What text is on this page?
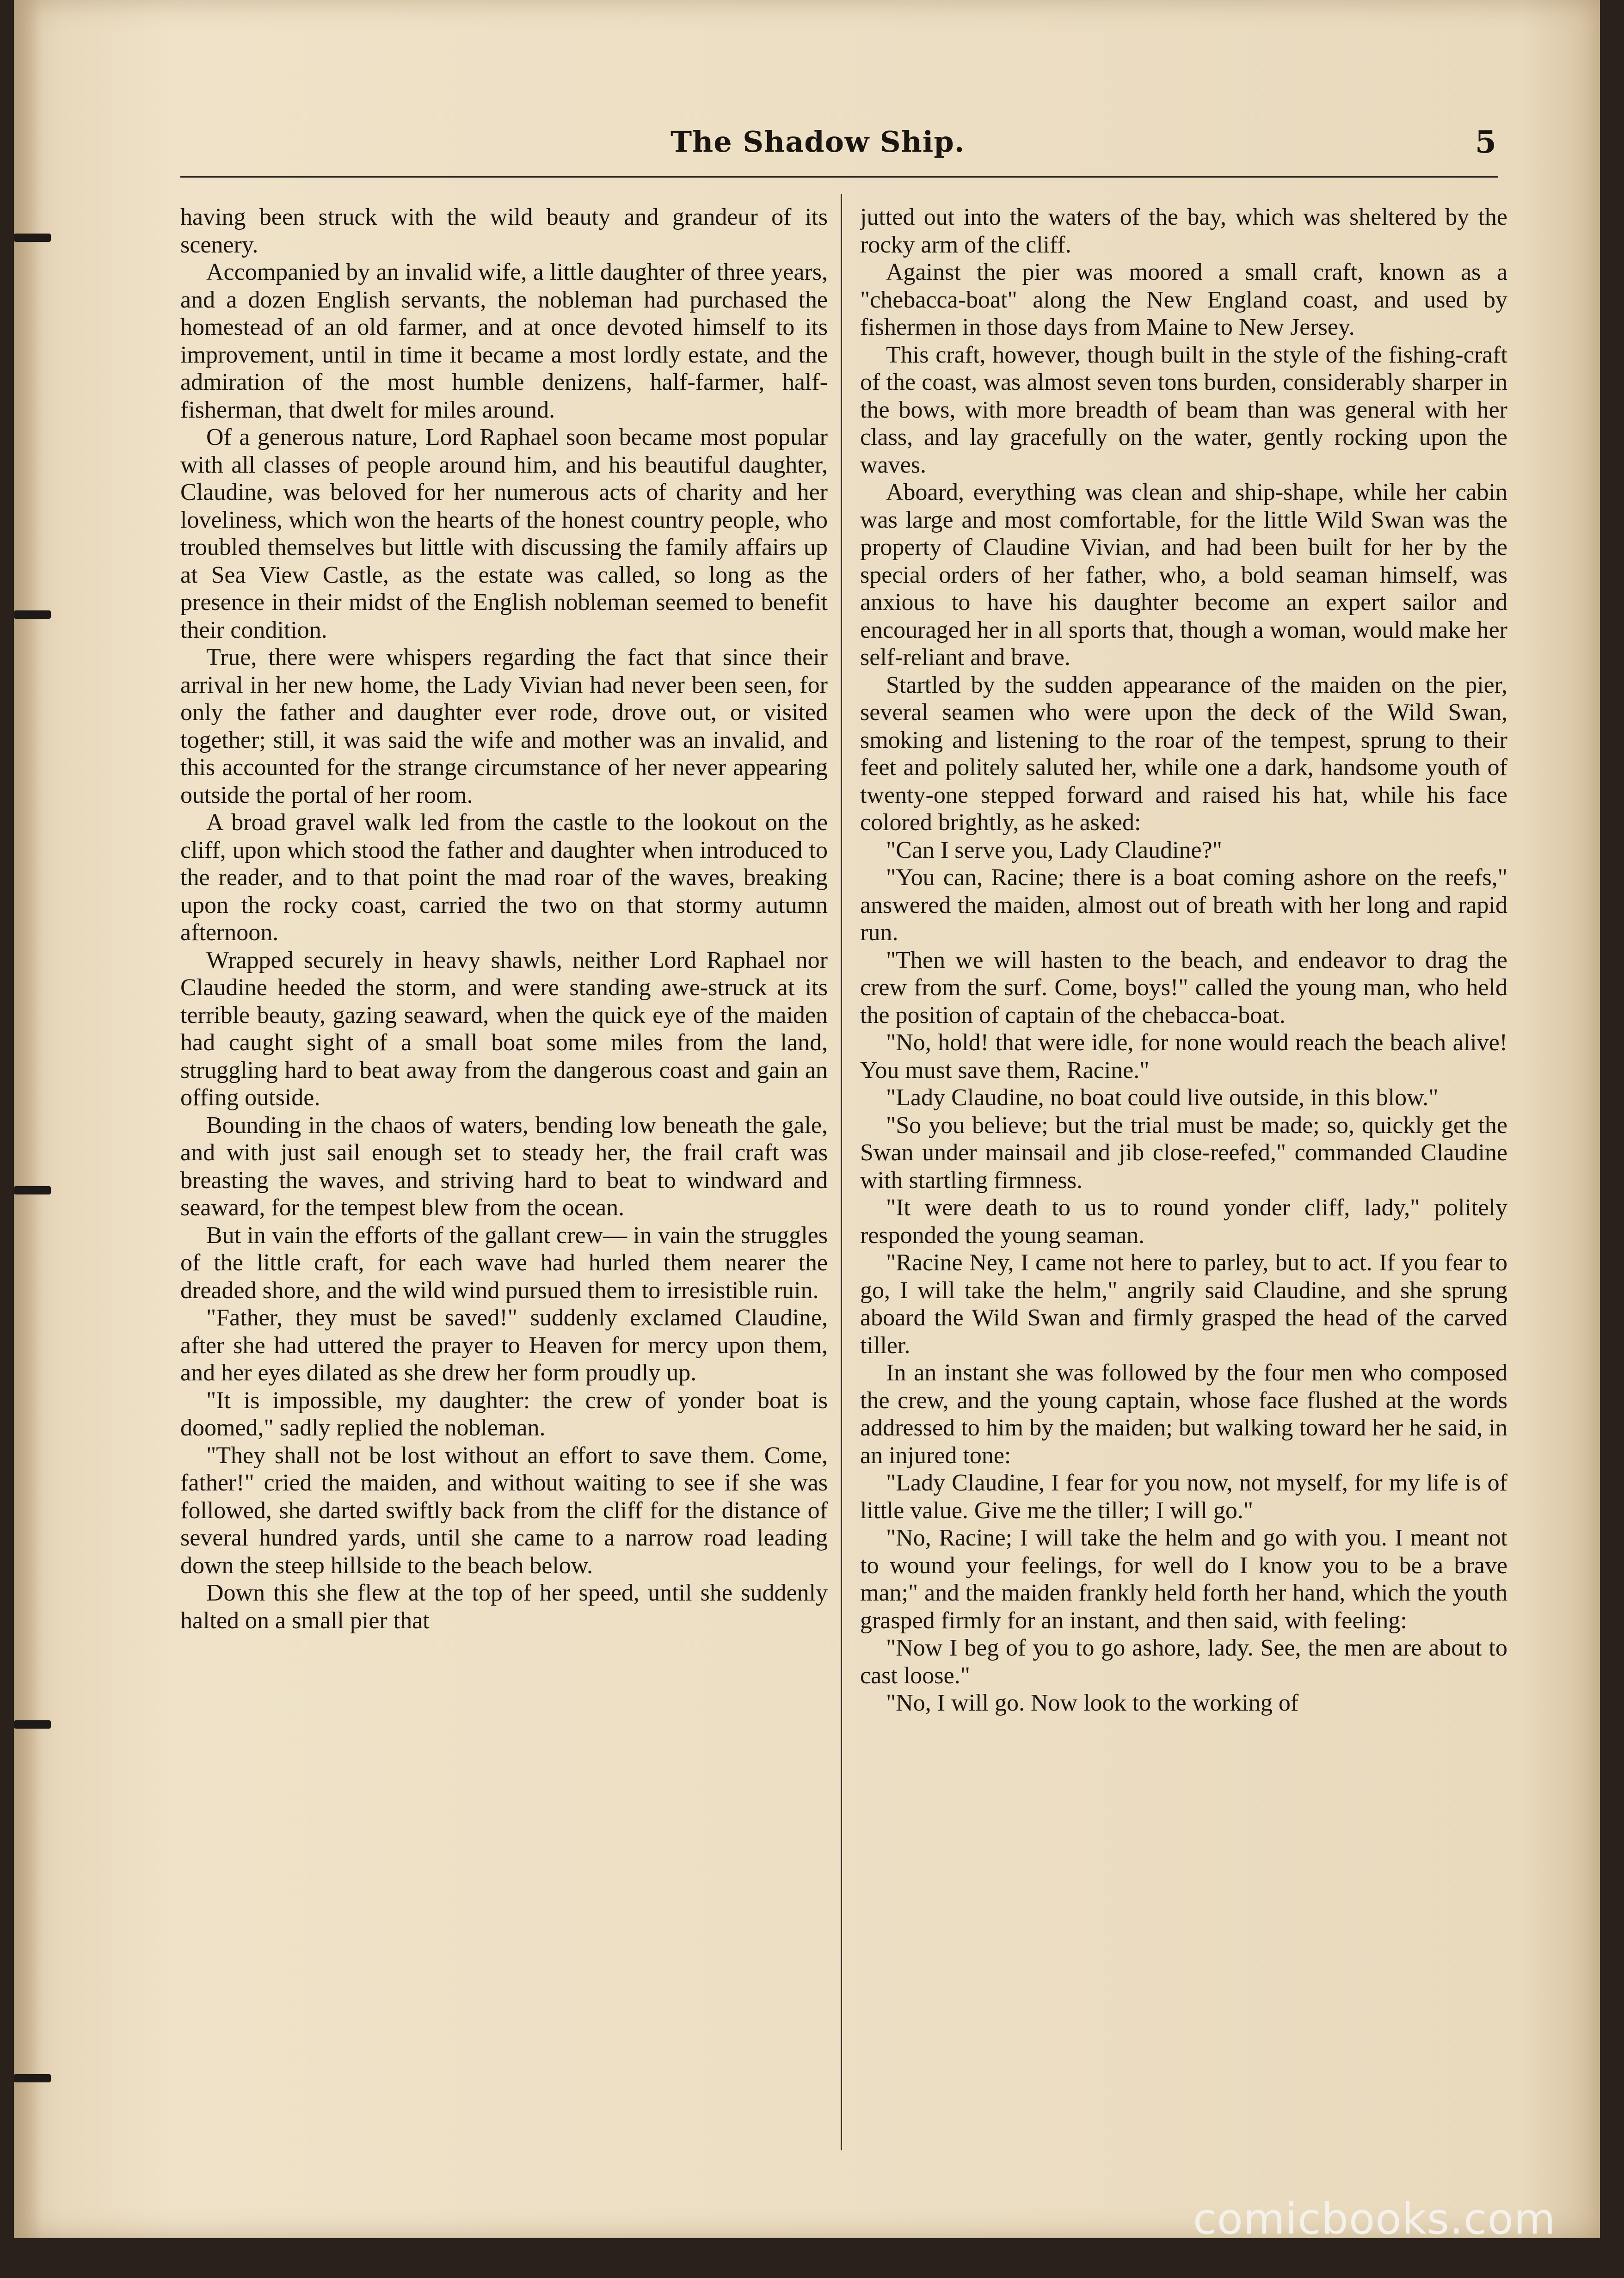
The Shadow Ship.	5

having been struck with the wild beauty and grandeur of its scenery.

Accompanied by an invalid wife, a little daughter of three years, and a dozen English servants, the nobleman had purchased the homestead of an old farmer, and at once devoted himself to its improvement, until in time it became a most lordly estate, and the admiration of the most humble denizens, half-farmer, half-fisherman, that dwelt for miles around.

Of a generous nature, Lord Raphael soon became most popular with all classes of people around him, and his beautiful daughter, Claudine, was beloved for her numerous acts of charity and her loveliness, which won the hearts of the honest country people, who troubled themselves but little with discussing the family affairs up at Sea View Castle, as the estate was called, so long as the presence in their midst of the English nobleman seemed to benefit their condition.

True, there were whispers regarding the fact that since their arrival in her new home, the Lady Vivian had never been seen, for only the father and daughter ever rode, drove out, or visited together; still, it was said the wife and mother was an invalid, and this accounted for the strange circumstance of her never appearing outside the portal of her room.

A broad gravel walk led from the castle to the lookout on the cliff, upon which stood the father and daughter when introduced to the reader, and to that point the mad roar of the waves, breaking upon the rocky coast, carried the two on that stormy autumn afternoon.

Wrapped securely in heavy shawls, neither Lord Raphael nor Claudine heeded the storm, and were standing awe-struck at its terrible beauty, gazing seaward, when the quick eye of the maiden had caught sight of a small boat some miles from the land, struggling hard to beat away from the dangerous coast and gain an offing outside.

Bounding in the chaos of waters, bending low beneath the gale, and with just sail enough set to steady her, the frail craft was breasting the waves, and striving hard to beat to windward and seaward, for the tempest blew from the ocean.

But in vain the efforts of the gallant crew— in vain the struggles of the little craft, for each wave had hurled them nearer the dreaded shore, and the wild wind pursued them to irresistible ruin.

"Father, they must be saved!" suddenly exclamed Claudine, after she had uttered the prayer to Heaven for mercy upon them, and her eyes dilated as she drew her form proudly up.

"It is impossible, my daughter: the crew of yonder boat is doomed," sadly replied the nobleman.

"They shall not be lost without an effort to save them. Come, father!" cried the maiden, and without waiting to see if she was followed, she darted swiftly back from the cliff for the distance of several hundred yards, until she came to a narrow road leading down the steep hillside to the beach below.

Down this she flew at the top of her speed, until she suddenly halted on a small pier that

jutted out into the waters of the bay, which was sheltered by the rocky arm of the cliff.

Against the pier was moored a small craft, known as a "chebacca-boat" along the New England coast, and used by fishermen in those days from Maine to New Jersey.

This craft, however, though built in the style of the fishing-craft of the coast, was almost seven tons burden, considerably sharper in the bows, with more breadth of beam than was general with her class, and lay gracefully on the water, gently rocking upon the waves.

Aboard, everything was clean and ship-shape, while her cabin was large and most comfortable, for the little Wild Swan was the property of Claudine Vivian, and had been built for her by the special orders of her father, who, a bold seaman himself, was anxious to have his daughter become an expert sailor and encouraged her in all sports that, though a woman, would make her self-reliant and brave.

Startled by the sudden appearance of the maiden on the pier, several seamen who were upon the deck of the Wild Swan, smoking and listening to the roar of the tempest, sprung to their feet and politely saluted her, while one a dark, handsome youth of twenty-one stepped forward and raised his hat, while his face colored brightly, as he asked:

"Can I serve you, Lady Claudine?"

"You can, Racine; there is a boat coming ashore on the reefs," answered the maiden, almost out of breath with her long and rapid run.

"Then we will hasten to the beach, and endeavor to drag the crew from the surf. Come, boys!" called the young man, who held the position of captain of the chebacca-boat.

"No, hold! that were idle, for none would reach the beach alive! You must save them, Racine."

"Lady Claudine, no boat could live outside, in this blow."

"So you believe; but the trial must be made; so, quickly get the Swan under mainsail and jib close-reefed," commanded Claudine with startling firmness.

"It were death to us to round yonder cliff, lady," politely responded the young seaman.

"Racine Ney, I came not here to parley, but to act. If you fear to go, I will take the helm," angrily said Claudine, and she sprung aboard the Wild Swan and firmly grasped the head of the carved tiller.

In an instant she was followed by the four men who composed the crew, and the young captain, whose face flushed at the words addressed to him by the maiden; but walking toward her he said, in an injured tone:

"Lady Claudine, I fear for you now, not myself, for my life is of little value. Give me the tiller; I will go."

"No, Racine; I will take the helm and go with you. I meant not to wound your feelings, for well do I know you to be a brave man;" and the maiden frankly held forth her hand, which the youth grasped firmly for an instant, and then said, with feeling:

"Now I beg of you to go ashore, lady. See, the men are about to cast loose."

"No, I will go. Now look to the working of

comicbooks.com
